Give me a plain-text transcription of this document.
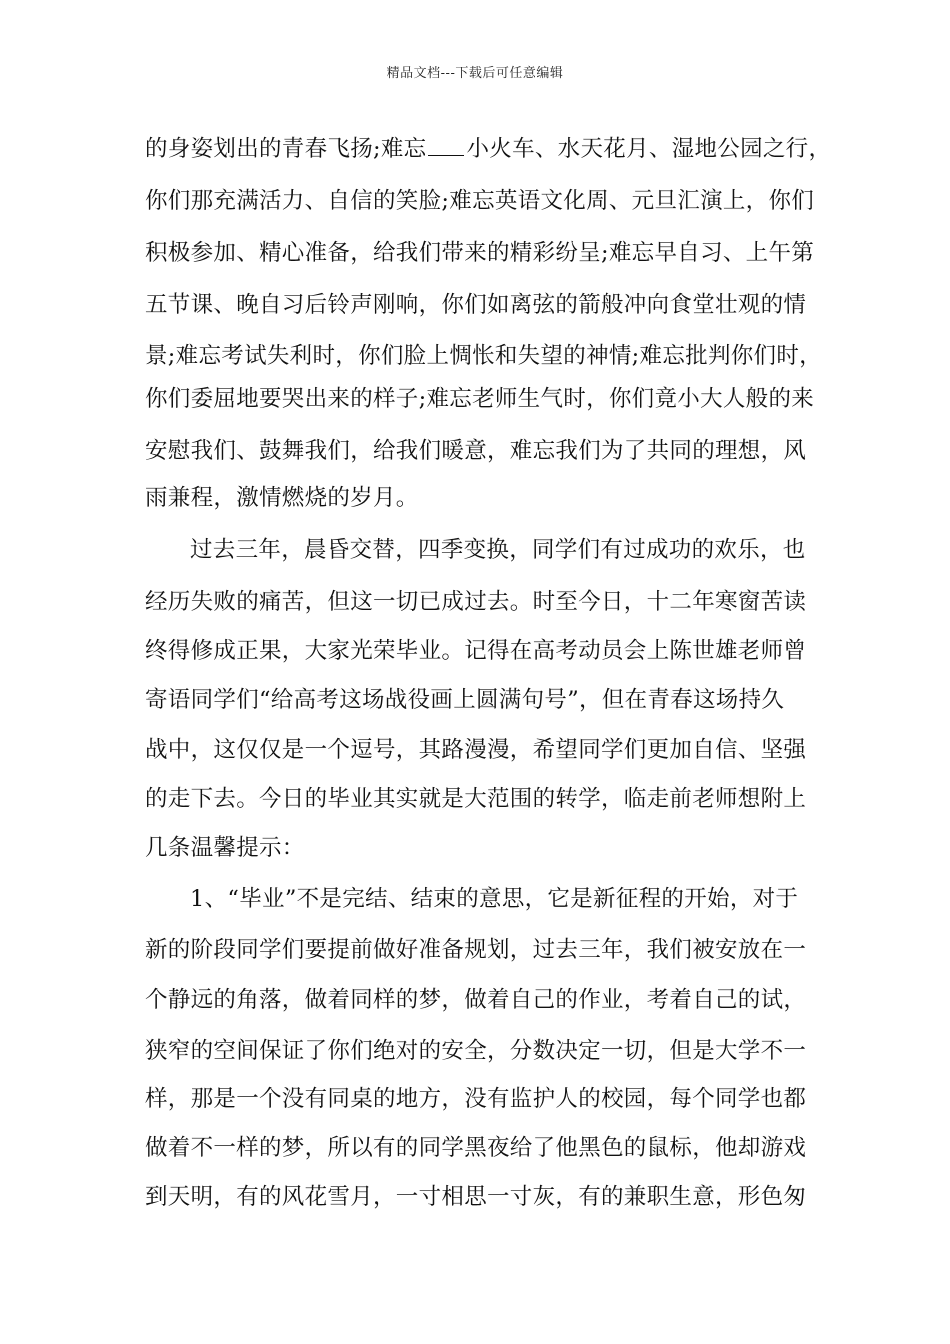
精品文档---下载后可任意编辑
的身姿划出的青春飞扬;难忘 小火车、水天花月、湿地公园之行，
你们那充满活力、自信的笑脸;难忘英语文化周、元旦汇演上，你们
积极参加、精心准备，给我们带来的精彩纷呈;难忘早自习、上午第
五节课、晚自习后铃声刚响，你们如离弦的箭般冲向食堂壮观的情
景;难忘考试失利时，你们脸上惆怅和失望的神情;难忘批判你们时，
你们委屈地要哭出来的样子;难忘老师生气时，你们竟小大人般的来
安慰我们、鼓舞我们，给我们暖意，难忘我们为了共同的理想，风
雨兼程，激情燃烧的岁月。
过去三年，晨昏交替，四季变换，同学们有过成功的欢乐，也
经历失败的痛苦，但这一切已成过去。时至今日，十二年寒窗苦读
终得修成正果，大家光荣毕业。记得在高考动员会上陈世雄老师曾
寄语同学们“给高考这场战役画上圆满句号”，但在青春这场持久
战中，这仅仅是一个逗号，其路漫漫，希望同学们更加自信、坚强
的走下去。今日的毕业其实就是大范围的转学，临走前老师想附上
几条温馨提示：
1、“毕业”不是完结、结束的意思，它是新征程的开始，对于
新的阶段同学们要提前做好准备规划，过去三年，我们被安放在一
个静远的角落，做着同样的梦，做着自己的作业，考着自己的试，
狭窄的空间保证了你们绝对的安全，分数决定一切，但是大学不一
样，那是一个没有同桌的地方，没有监护人的校园，每个同学也都
做着不一样的梦，所以有的同学黑夜给了他黑色的鼠标，他却游戏
到天明，有的风花雪月，一寸相思一寸灰，有的兼职生意，形色匆
